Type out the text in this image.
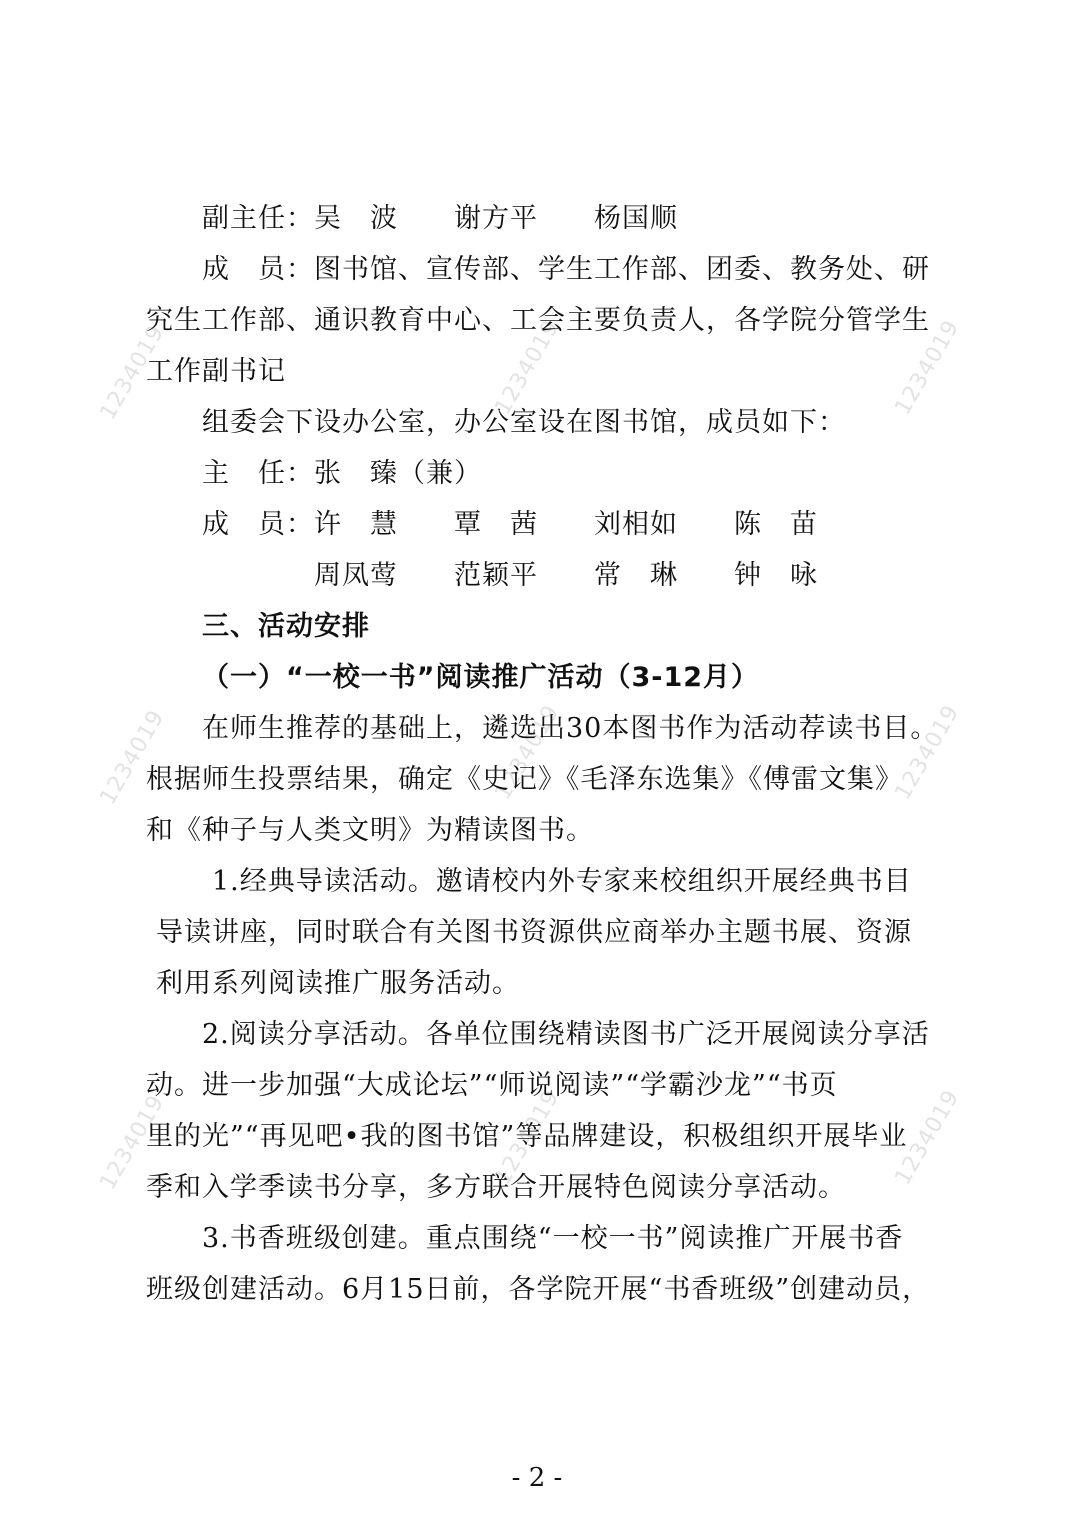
1234019	1234019	1234019
1234019	1234019	1234019
1234019	1234019	1234019
副主任：吴　波　　谢方平　　杨国顺
成　员：图书馆、宣传部、学生工作部、团委、教务处、研
究生工作部、通识教育中心、工会主要负责人，各学院分管学生
工作副书记
组委会下设办公室，办公室设在图书馆，成员如下：
主　任：张　臻（兼）
成　员：许　慧　　覃　茜　　刘相如　　陈　苗
周凤莺　　范颖平　　常　琳　　钟　咏
三、活动安排
（一）“一校一书”阅读推广活动（3-12月）
在师生推荐的基础上，遴选出30本图书作为活动荐读书目。
根据师生投票结果，确定《史记》《毛泽东选集》《傅雷文集》
和《种子与人类文明》为精读图书。
1.经典导读活动。邀请校内外专家来校组织开展经典书目
导读讲座，同时联合有关图书资源供应商举办主题书展、资源
利用系列阅读推广服务活动。
2.阅读分享活动。各单位围绕精读图书广泛开展阅读分享活
动。进一步加强“大成论坛”“师说阅读”“学霸沙龙”“书页
里的光”“再见吧•我的图书馆”等品牌建设，积极组织开展毕业
季和入学季读书分享，多方联合开展特色阅读分享活动。
3.书香班级创建。重点围绕“一校一书”阅读推广开展书香
班级创建活动。6月15日前，各学院开展“书香班级”创建动员，
- 2 -
